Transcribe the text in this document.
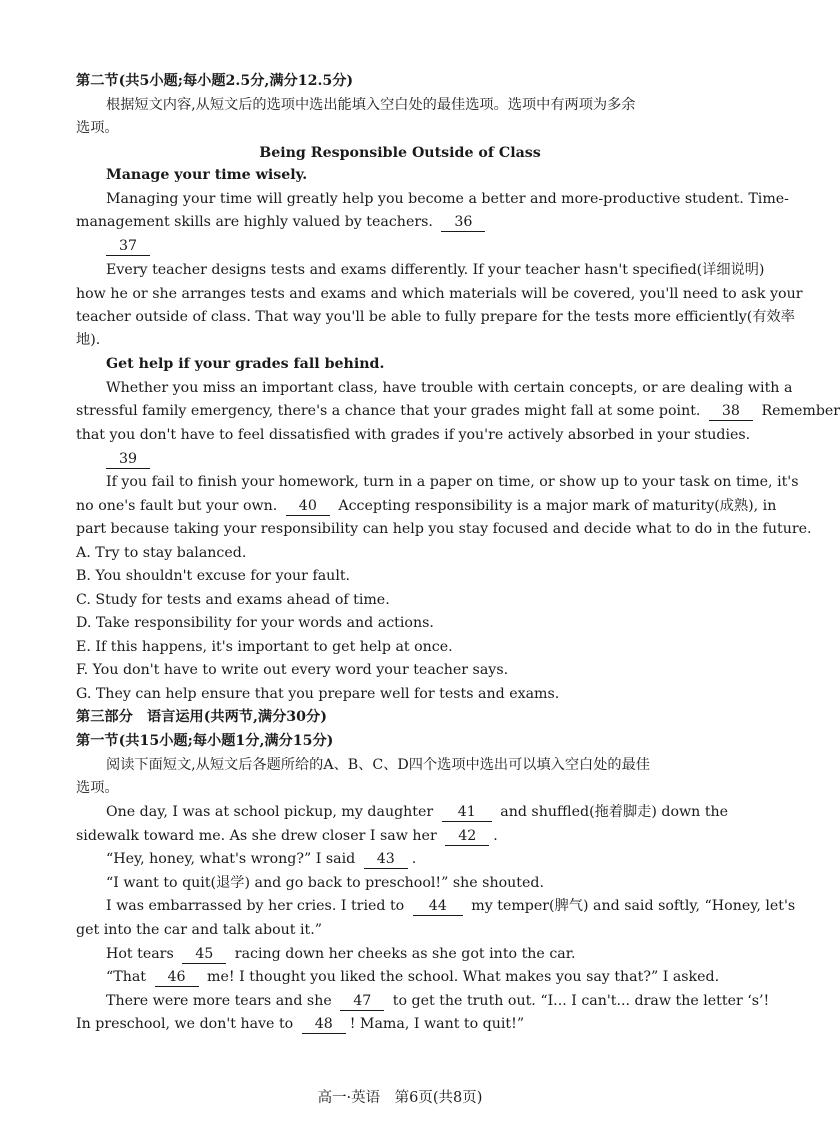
第二节(共5小题;每小题2.5分,满分12.5分)
根据短文内容,从短文后的选项中选出能填入空白处的最佳选项。选项中有两项为多余
选项。
Being Responsible Outside of Class
Manage your time wisely.
Managing your time will greatly help you become a better and more-productive student. Time-
management skills are highly valued by teachers. 36
37
Every teacher designs tests and exams differently. If your teacher hasn't specified(详细说明)
how he or she arranges tests and exams and which materials will be covered, you'll need to ask your
teacher outside of class. That way you'll be able to fully prepare for the tests more efficiently(有效率
地).
Get help if your grades fall behind.
Whether you miss an important class, have trouble with certain concepts, or are dealing with a
stressful family emergency, there's a chance that your grades might fall at some point. 38 Remember
that you don't have to feel dissatisfied with grades if you're actively absorbed in your studies.
39
If you fail to finish your homework, turn in a paper on time, or show up to your task on time, it's
no one's fault but your own. 40 Accepting responsibility is a major mark of maturity(成熟), in
part because taking your responsibility can help you stay focused and decide what to do in the future.
A. Try to stay balanced.
B. You shouldn't excuse for your fault.
C. Study for tests and exams ahead of time.
D. Take responsibility for your words and actions.
E. If this happens, it's important to get help at once.
F. You don't have to write out every word your teacher says.
G. They can help ensure that you prepare well for tests and exams.
第三部分　语言运用(共两节,满分30分)
第一节(共15小题;每小题1分,满分15分)
阅读下面短文,从短文后各题所给的A、B、C、D四个选项中选出可以填入空白处的最佳
选项。
One day, I was at school pickup, my daughter 41 and shuffled(拖着脚走) down the
sidewalk toward me. As she drew closer I saw her 42 .
“Hey, honey, what's wrong?” I said 43 .
“I want to quit(退学) and go back to preschool!” she shouted.
I was embarrassed by her cries. I tried to 44 my temper(脾气) and said softly, “Honey, let's
get into the car and talk about it.”
Hot tears 45 racing down her cheeks as she got into the car.
“That 46 me! I thought you liked the school. What makes you say that?” I asked.
There were more tears and she 47 to get the truth out. “I... I can't... draw the letter ‘s’!
In preschool, we don't have to 48 ! Mama, I want to quit!”
高一·英语　第6页(共8页)
